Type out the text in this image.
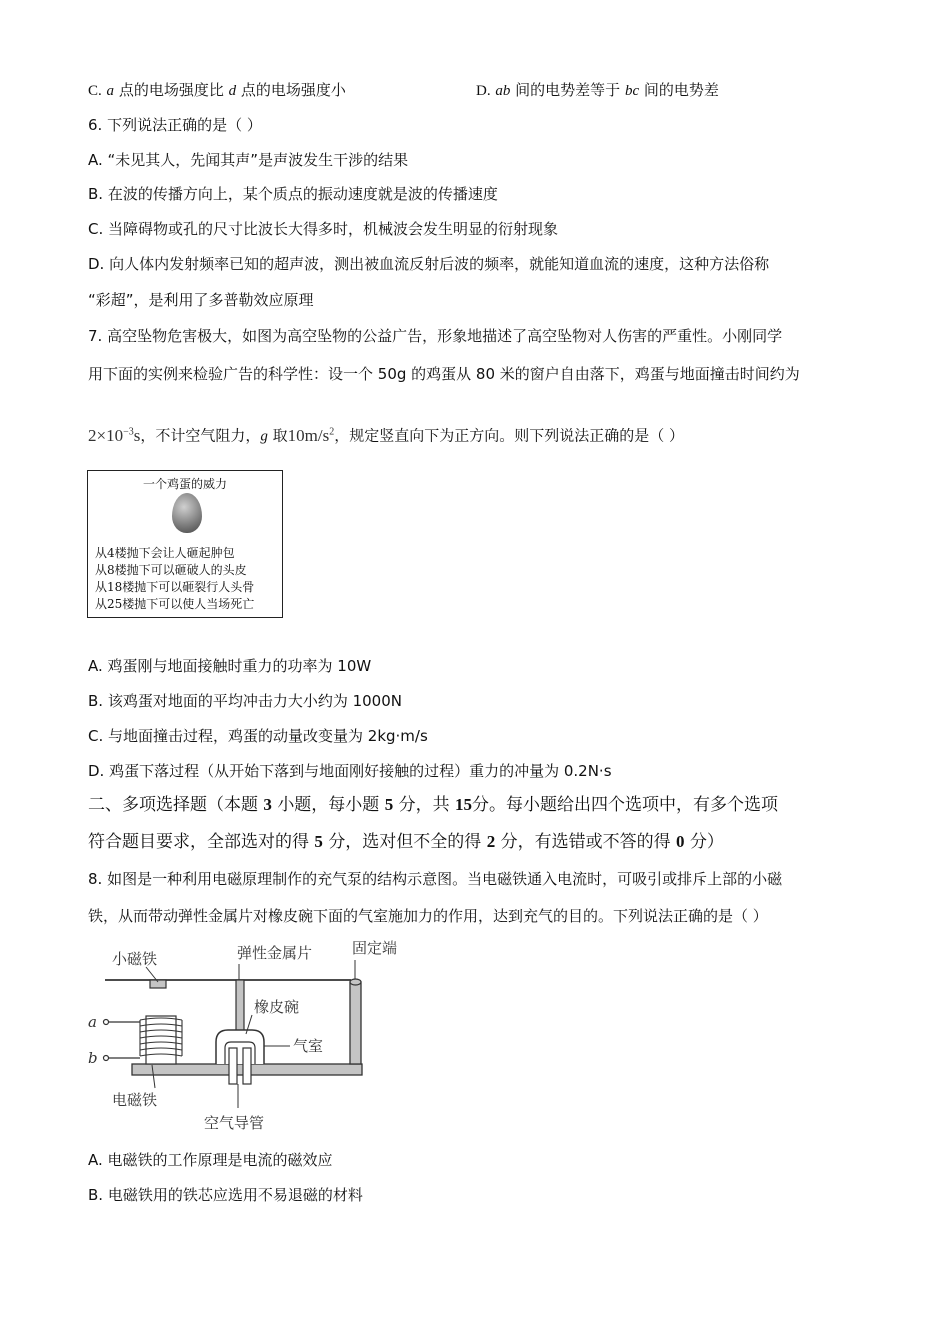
C. a 点的电场强度比 d 点的电场强度小	D. ab 间的电势差等于 bc 间的电势差
6. 下列说法正确的是（ ）
A. “未见其人，先闻其声”是声波发生干涉的结果
B. 在波的传播方向上，某个质点的振动速度就是波的传播速度
C. 当障碍物或孔的尺寸比波长大得多时，机械波会发生明显的衍射现象
D. 向人体内发射频率已知的超声波，测出被血流反射后波的频率，就能知道血流的速度，这种方法俗称
“彩超”，是利用了多普勒效应原理
7. 高空坠物危害极大，如图为高空坠物的公益广告，形象地描述了高空坠物对人伤害的严重性。小刚同学
用下面的实例来检验广告的科学性：设一个 50g 的鸡蛋从 80 米的窗户自由落下，鸡蛋与地面撞击时间约为
$2\times 10^{-3}s$，不计空气阻力，g 取$10m/s^2$，规定竖直向下为正方向。则下列说法正确的是（ ）
一个鸡蛋的威力
从4楼抛下会让人砸起肿包
从8楼抛下可以砸破人的头皮
从18楼抛下可以砸裂行人头骨
从25楼抛下可以使人当场死亡
A. 鸡蛋刚与地面接触时重力的功率为 10W
B. 该鸡蛋对地面的平均冲击力大小约为 1000N
C. 与地面撞击过程，鸡蛋的动量改变量为 2kg·m/s
D. 鸡蛋下落过程（从开始下落到与地面刚好接触的过程）重力的冲量为 0.2N·s
二、多项选择题（本题 3 小题，每小题 5 分，共 15分。每小题给出四个选项中，有多个选项
符合题目要求，全部选对的得 5 分，选对但不全的得 2 分，有选错或不答的得 0 分）
8. 如图是一种利用电磁原理制作的充气泵的结构示意图。当电磁铁通入电流时，可吸引或排斥上部的小磁
铁，从而带动弹性金属片对橡皮碗下面的气室施加力的作用，达到充气的目的。下列说法正确的是（ ）
小磁铁	弹性金属片	固定端
橡皮碗
气室
电磁铁
空气导管
a
b
A. 电磁铁的工作原理是电流的磁效应
B. 电磁铁用的铁芯应选用不易退磁的材料
